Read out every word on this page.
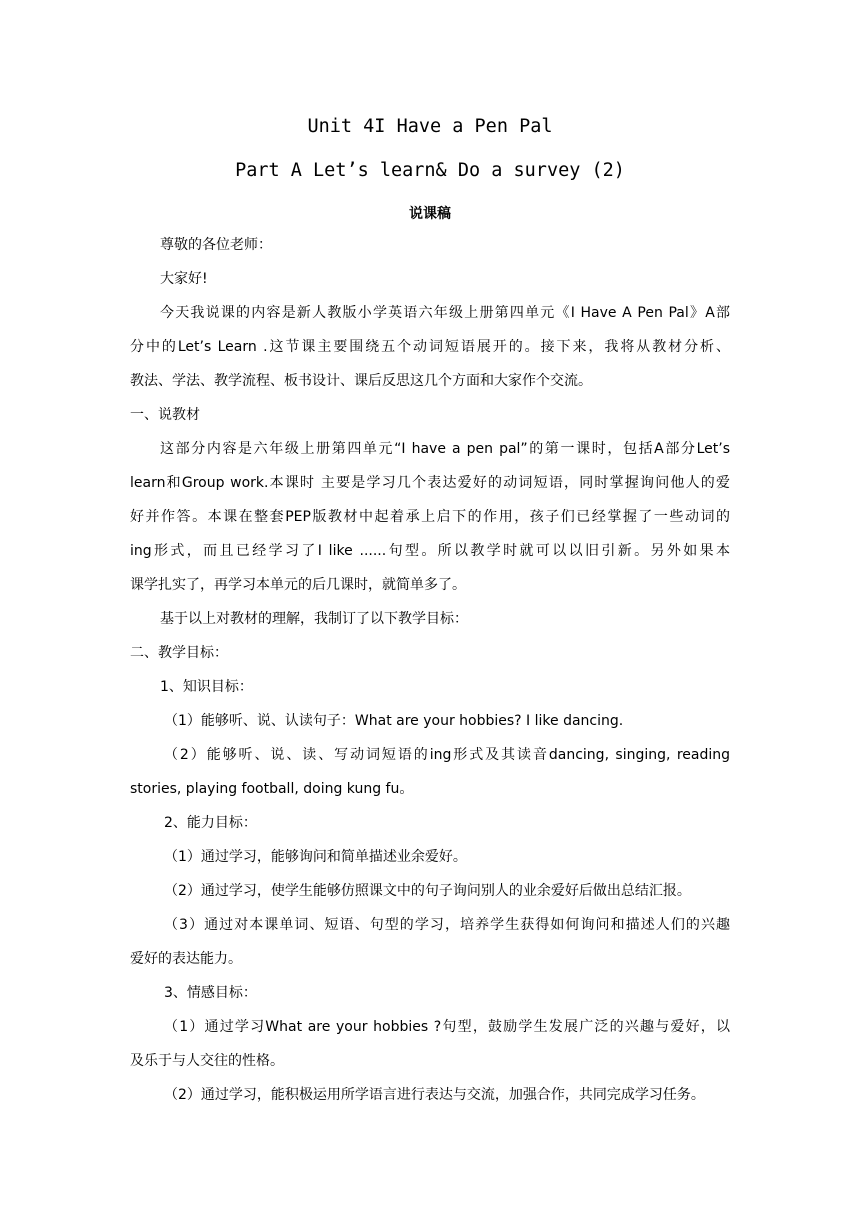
Unit 4I Have a Pen Pal
Part A Let’s learn& Do a survey (2)
说课稿
尊敬的各位老师：
大家好!
今天我说课的内容是新人教版小学英语六年级上册第四单元《I Have A Pen Pal》A部
分中的Let’s Learn .这节课主要围绕五个动词短语展开的。接下来，我将从教材分析、
教法、学法、教学流程、板书设计、课后反思这几个方面和大家作个交流。
一、说教材
这部分内容是六年级上册第四单元“I have a pen pal”的第一课时，包括A部分Let’s
learn和Group work.本课时 主要是学习几个表达爱好的动词短语，同时掌握询问他人的爱
好并作答。本课在整套PEP版教材中起着承上启下的作用，孩子们已经掌握了一些动词的
ing形式，而且已经学习了I like ......句型。所以教学时就可以以旧引新。另外如果本
课学扎实了，再学习本单元的后几课时，就简单多了。
基于以上对教材的理解，我制订了以下教学目标：
二、教学目标：
1、知识目标：
（1）能够听、说、认读句子：What are your hobbies? I like dancing.
（2）能够听、说、读、写动词短语的ing形式及其读音dancing, singing, reading
stories, playing football, doing kung fu。
2、能力目标：
（1）通过学习，能够询问和简单描述业余爱好。
（2）通过学习，使学生能够仿照课文中的句子询问别人的业余爱好后做出总结汇报。
（3）通过对本课单词、短语、句型的学习，培养学生获得如何询问和描述人们的兴趣
爱好的表达能力。
3、情感目标：
（1）通过学习What are your hobbies ?句型，鼓励学生发展广泛的兴趣与爱好，以
及乐于与人交往的性格。
（2）通过学习，能积极运用所学语言进行表达与交流，加强合作，共同完成学习任务。
